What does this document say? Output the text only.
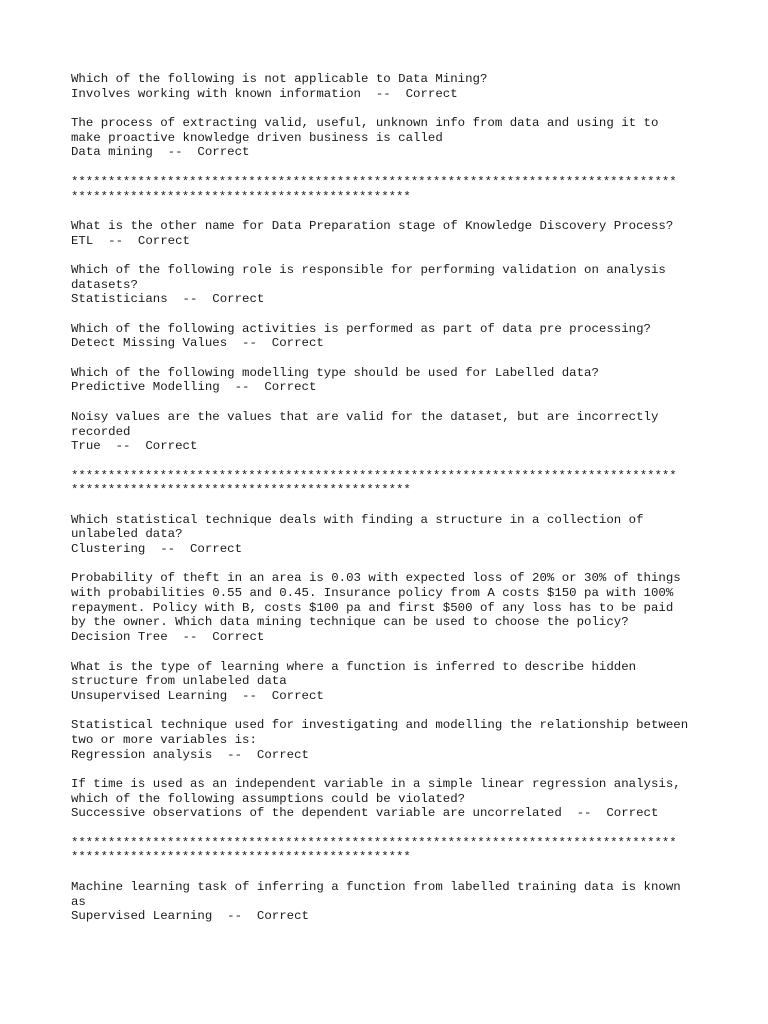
Which of the following is not applicable to Data Mining?
Involves working with known information  --  Correct
The process of extracting valid, useful, unknown info from data and using it to
make proactive knowledge driven business is called
Data mining  --  Correct
**********************************************************************************
**********************************************
What is the other name for Data Preparation stage of Knowledge Discovery Process?
ETL  --  Correct
Which of the following role is responsible for performing validation on analysis
datasets?
Statisticians  --  Correct
Which of the following activities is performed as part of data pre processing?
Detect Missing Values  --  Correct
Which of the following modelling type should be used for Labelled data?
Predictive Modelling  --  Correct
Noisy values are the values that are valid for the dataset, but are incorrectly
recorded
True  --  Correct
**********************************************************************************
**********************************************
Which statistical technique deals with finding a structure in a collection of
unlabeled data?
Clustering  --  Correct
Probability of theft in an area is 0.03 with expected loss of 20% or 30% of things
with probabilities 0.55 and 0.45. Insurance policy from A costs $150 pa with 100%
repayment. Policy with B, costs $100 pa and first $500 of any loss has to be paid
by the owner. Which data mining technique can be used to choose the policy?
Decision Tree  --  Correct
What is the type of learning where a function is inferred to describe hidden
structure from unlabeled data
Unsupervised Learning  --  Correct
Statistical technique used for investigating and modelling the relationship between
two or more variables is:
Regression analysis  --  Correct
If time is used as an independent variable in a simple linear regression analysis,
which of the following assumptions could be violated?
Successive observations of the dependent variable are uncorrelated  --  Correct
**********************************************************************************
**********************************************
Machine learning task of inferring a function from labelled training data is known
as
Supervised Learning  --  Correct
